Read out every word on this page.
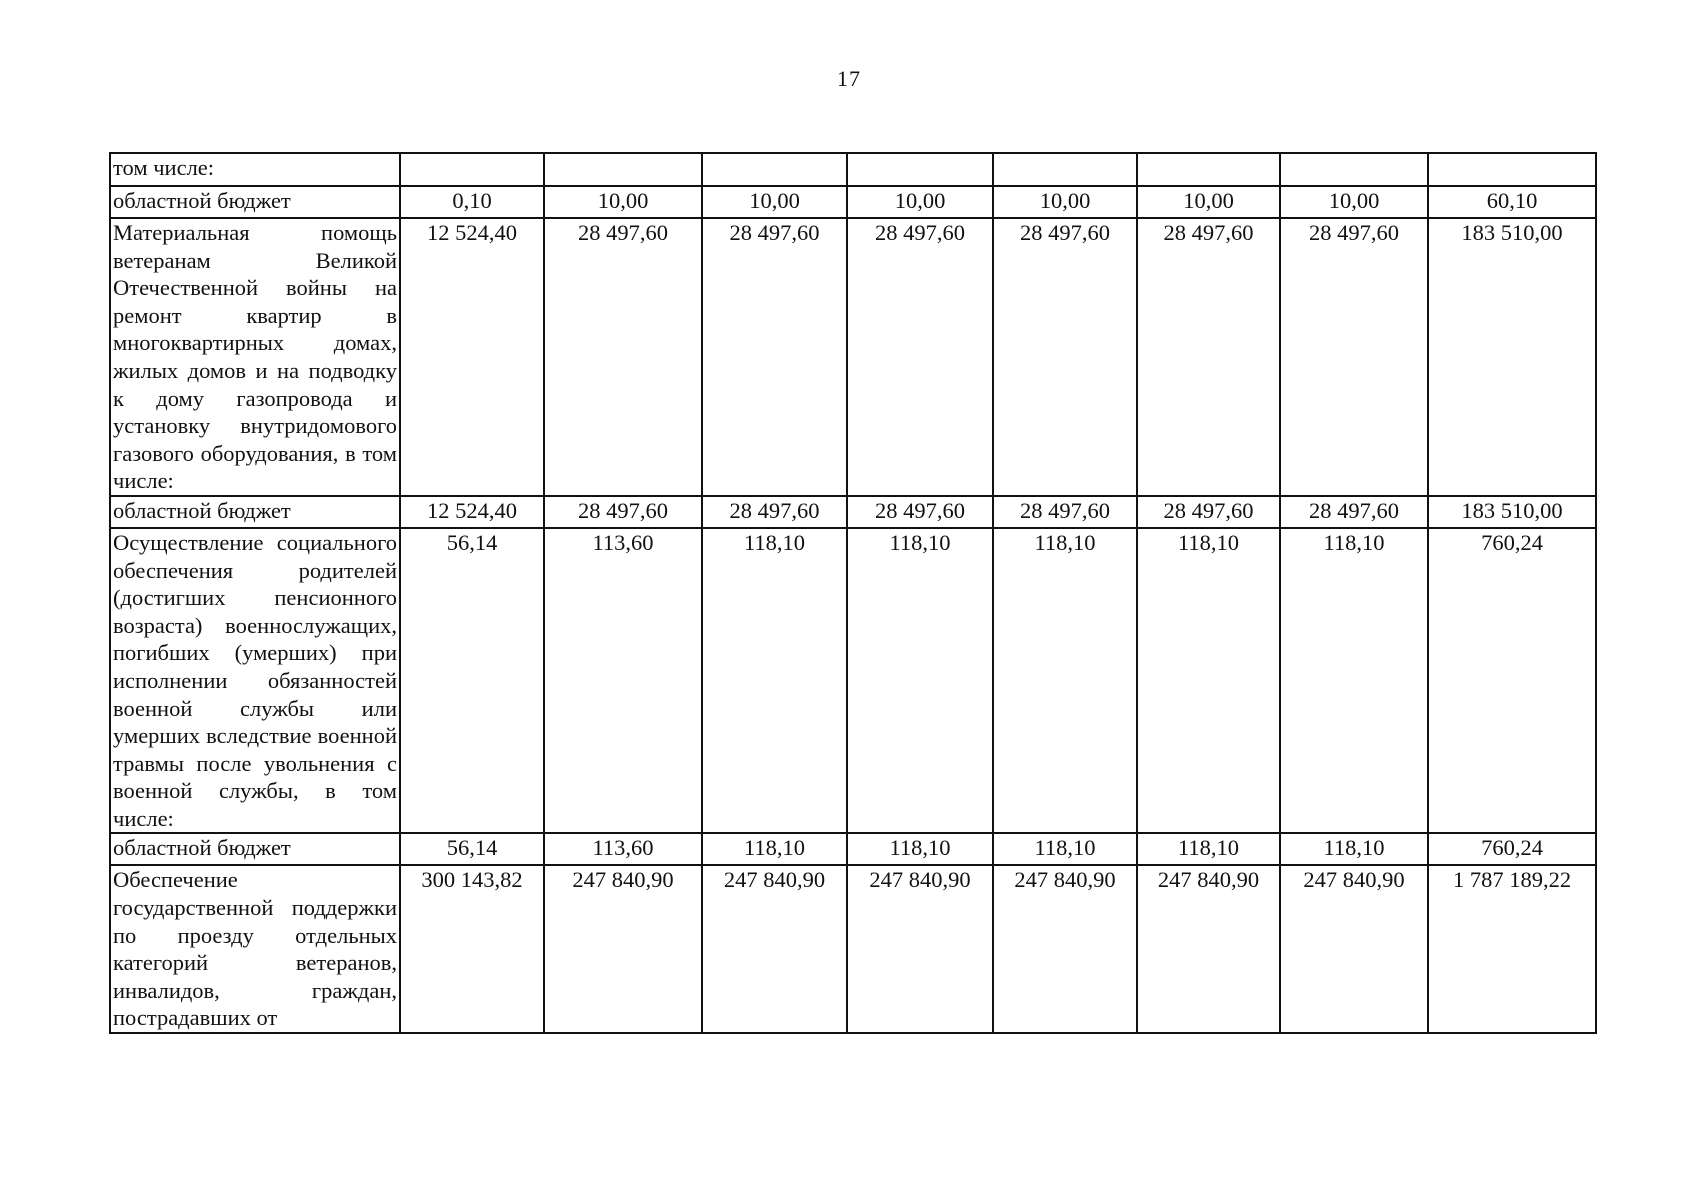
17
том числе:								
областной бюджет	0,10	10,00	10,00	10,00	10,00	10,00	10,00	60,10
Материальная помощь ветеранам Великой Отечественной войны на ремонт квартир в многоквартирных домах, жилых домов и на подводку к дому газопровода и установку внутридомового газового оборудования, в том числе:	12 524,40	28 497,60	28 497,60	28 497,60	28 497,60	28 497,60	28 497,60	183 510,00
областной бюджет	12 524,40	28 497,60	28 497,60	28 497,60	28 497,60	28 497,60	28 497,60	183 510,00
Осуществление социального обеспечения родителей (достигших пенсионного возраста) военнослужащих, погибших (умерших) при исполнении обязанностей военной службы или умерших вследствие военной травмы после увольнения с военной службы, в том числе:	56,14	113,60	118,10	118,10	118,10	118,10	118,10	760,24
областной бюджет	56,14	113,60	118,10	118,10	118,10	118,10	118,10	760,24
Обеспечение государственной поддержки по проезду отдельных категорий ветеранов, инвалидов, граждан, пострадавших от	300 143,82	247 840,90	247 840,90	247 840,90	247 840,90	247 840,90	247 840,90	1 787 189,22
